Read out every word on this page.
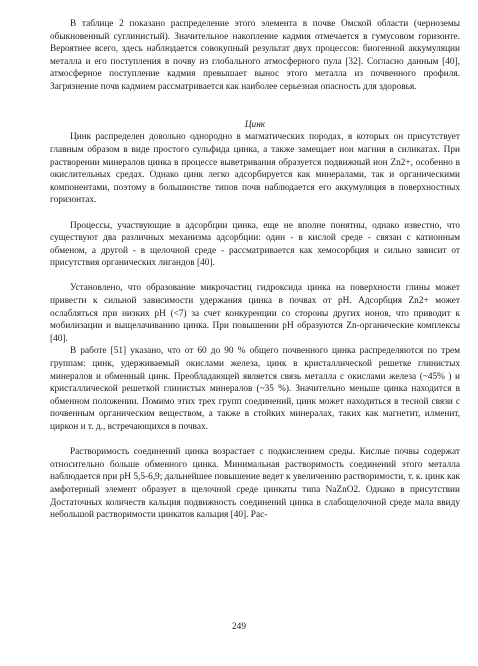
В таблице 2 показано распределение этого элемента в почве Омской области (черноземы обыкновенный суглинистый). Значительное накопление кадмия отмечается в гумусовом горизонте. Вероятнее всего, здесь наблюдается совокупный результат двух процессов: биогенной аккумуляции металла и его поступления в почву из глобального атмосферного пула [32]. Согласно данным [40], атмосферное поступление кадмия превышает вынос этого металла из почвенного профиля. Загрязнение почв кадмием рассматривается как наиболее серьезная опасность для здоровья.

Цинк

Цинк распределен довольно однородно в магматических породах, в которых он присутствует главным образом в виде простого сульфида цинка, а также замещает ион магния в силикатах. При растворении минералов цинка в процессе выветривания образуется подвижный ион Zn2+, особенно в окислительных средах. Однако цинк легко адсорбируется как минералами, так и органическими компонентами, поэтому в большинстве типов почв наблюдается его аккумуляция в поверхностных горизонтах.

Процессы, участвующие в адсорбции цинка, еще не вполне понятны, однако известно, что существуют два различных механизма адсорбции: один - в кислой среде - связан с катионным обменом, а другой - в щелочной среде - рассматривается как хемосорбция и сильно зависит от присутствия органических лигандов [40].

Установлено, что образование микрочастиц гидроксида цинка на поверхности глины может привести к сильной зависимости удержания цинка в почвах от pH. Адсорбция Zn2+ может ослабляться при низких pH (<7) за счет конкуренции со стороны других ионов, что приводит к мобилизации и выщелачиванию цинка. При повышении pH образуются Zn-органические комплексы [40].

В работе [51] указано, что от 60 до 90 % общего почвенного цинка распределяются по трем группам: цинк, удерживаемый окислами железа, цинк в кристаллической решетке глинистых минералов и обменный цинк. Преобладающей является связь металла с окислами железа (~45% ) и кристаллической решеткой глинистых минералов (~35 %). Значительно меньше цинка находится в обменном положении. Помимо этих трех групп соединений, цинк может находиться в тесной связи с почвенным органическим веществом, а также в стойких минералах, таких как магнетит, илменит, циркон и т. д., встречающихся в почвах.

Растворимость соединений цинка возрастает с подкислением среды. Кислые почвы содержат относительно больше обменного цинка. Минимальная растворимость соединений этого металла наблюдается при pH 5,5-6,9; дальнейшее повышение ведет к увеличению растворимости, т. к. цинк как амфотерный элемент образует в щелочной среде цинкаты типа NaZnO2. Однако в присутствии Достаточных количеств кальция подвижность соединений цинка в слабощелочной среде мала ввиду небольшой растворимости цинкатов кальция [40]. Рас-

249
